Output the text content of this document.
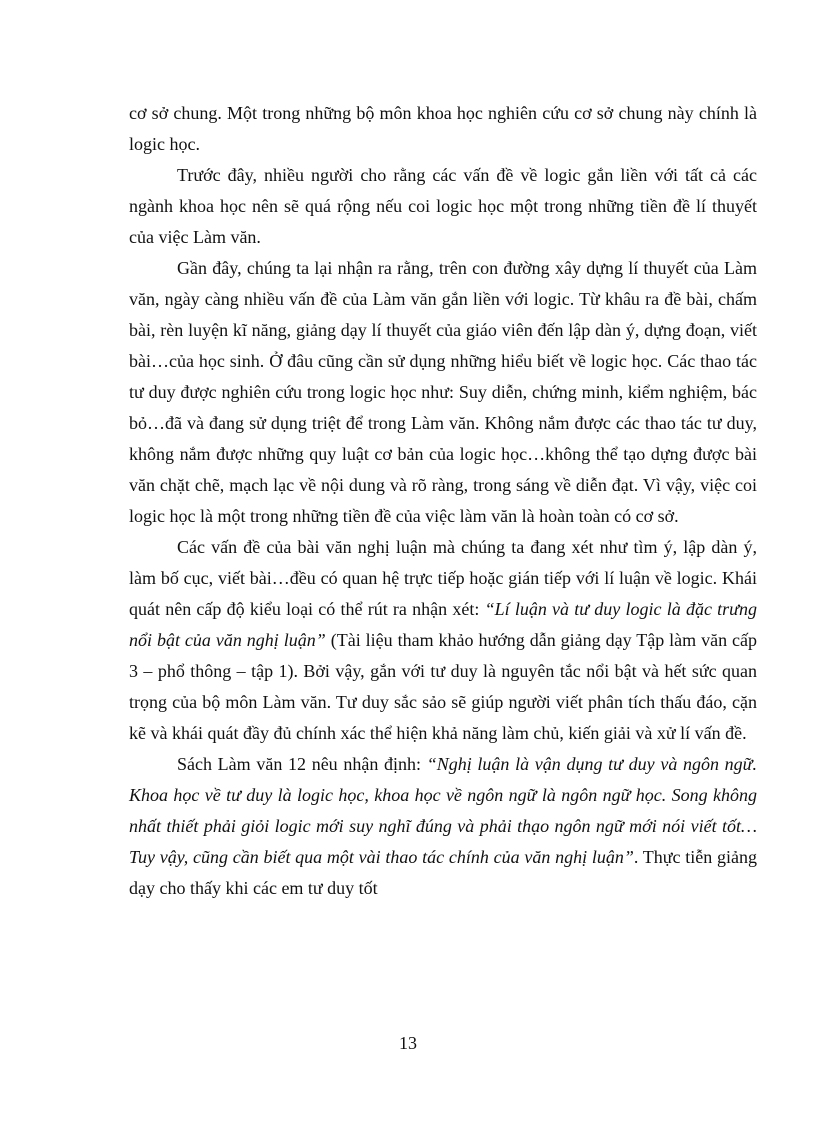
cơ sở chung. Một trong những bộ môn khoa học nghiên cứu cơ sở chung này chính là logic học.

Trước đây, nhiều người cho rằng các vấn đề về logic gắn liền với tất cả các ngành khoa học nên sẽ quá rộng nếu coi logic học một trong những tiền đề lí thuyết của việc Làm văn.

Gần đây, chúng ta lại nhận ra rằng, trên con đường xây dựng lí thuyết của Làm văn, ngày càng nhiều vấn đề của Làm văn gắn liền với logic. Từ khâu ra đề bài, chấm bài, rèn luyện kĩ năng, giảng dạy lí thuyết của giáo viên đến lập dàn ý, dựng đoạn, viết bài…của học sinh. Ở đâu cũng cần sử dụng những hiểu biết về logic học. Các thao tác tư duy được nghiên cứu trong logic học như: Suy diễn, chứng minh, kiểm nghiệm, bác bỏ…đã và đang sử dụng triệt để trong Làm văn. Không nắm được các thao tác tư duy, không nắm được những quy luật cơ bản của logic học…không thể tạo dựng được bài văn chặt chẽ, mạch lạc về nội dung và rõ ràng, trong sáng về diễn đạt. Vì vậy, việc coi logic học là một trong những tiền đề của việc làm văn là hoàn toàn có cơ sở.

Các vấn đề của bài văn nghị luận mà chúng ta đang xét như tìm ý, lập dàn ý, làm bố cục, viết bài…đều có quan hệ trực tiếp hoặc gián tiếp với lí luận về logic. Khái quát nên cấp độ kiểu loại có thể rút ra nhận xét: “Lí luận và tư duy logic là đặc trưng nổi bật của văn nghị luận” (Tài liệu tham khảo hướng dẫn giảng dạy Tập làm văn cấp 3 – phổ thông – tập 1). Bởi vậy, gắn với tư duy là nguyên tắc nổi bật và hết sức quan trọng của bộ môn Làm văn. Tư duy sắc sảo sẽ giúp người viết phân tích thấu đáo, cặn kẽ và khái quát đầy đủ chính xác thể hiện khả năng làm chủ, kiến giải và xử lí vấn đề.

Sách Làm văn 12 nêu nhận định: “Nghị luận là vận dụng tư duy và ngôn ngữ. Khoa học về tư duy là logic học, khoa học về ngôn ngữ là ngôn ngữ học. Song không nhất thiết phải giỏi logic mới suy nghĩ đúng và phải thạo ngôn ngữ mới nói viết tốt… Tuy vậy, cũng cần biết qua một vài thao tác chính của văn nghị luận”. Thực tiễn giảng dạy cho thấy khi các em tư duy tốt

13
